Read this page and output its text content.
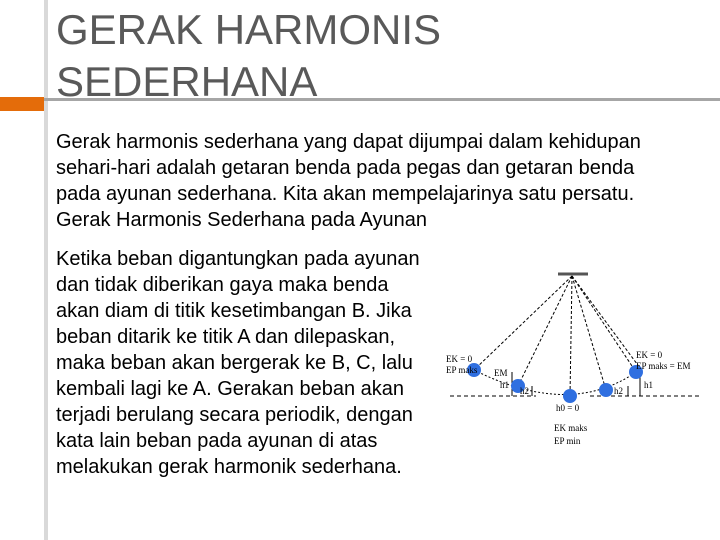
GERAK HARMONIS
SEDERHANA

Gerak harmonis sederhana yang dapat dijumpai dalam kehidupan sehari-hari adalah getaran benda pada pegas dan getaran benda pada ayunan sederhana. Kita akan mempelajarinya satu persatu. Gerak Harmonis Sederhana pada Ayunan

Ketika beban digantungkan pada ayunan dan tidak diberikan gaya maka benda akan diam di titik kesetimbangan B. Jika beban ditarik ke titik A dan dilepaskan, maka beban akan bergerak ke B, C, lalu kembali lagi ke A. Gerakan beban akan terjadi berulang secara periodik, dengan kata lain beban pada ayunan di atas melakukan gerak harmonik sederhana.

EK = 0
EP maks EM
EK = 0
EP maks = EM
h1
h2
h0 = 0
h2
h1
EK maks
EP min
